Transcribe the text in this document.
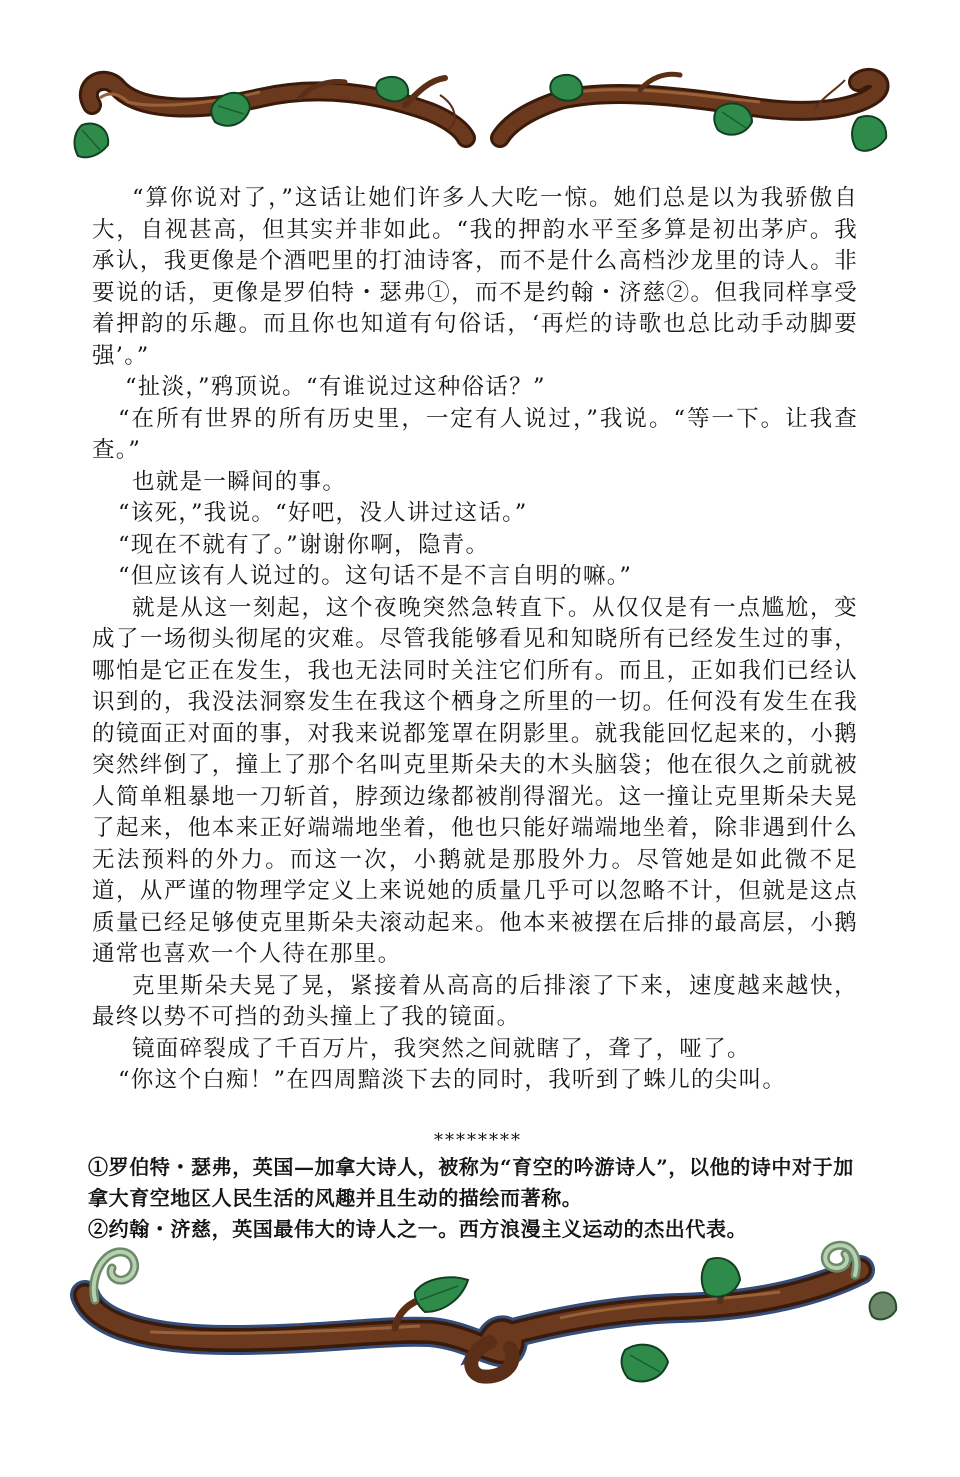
“算你说对了，”这话让她们许多人大吃一惊。她们总是以为我骄傲自大，自视甚高，但其实并非如此。“我的押韵水平至多算是初出茅庐。我承认，我更像是个酒吧里的打油诗客，而不是什么高档沙龙里的诗人。非要说的话，更像是罗伯特・瑟弗①，而不是约翰・济慈②。但我同样享受着押韵的乐趣。而且你也知道有句俗话，‘再烂的诗歌也总比动手动脚要强’。”

“扯淡，”鸦顶说。“有谁说过这种俗话？”

“在所有世界的所有历史里，一定有人说过，”我说。“等一下。让我查查。”

也就是一瞬间的事。

“该死，”我说。“好吧，没人讲过这话。”

“现在不就有了。”谢谢你啊，隐青。

“但应该有人说过的。这句话不是不言自明的嘛。”

就是从这一刻起，这个夜晚突然急转直下。从仅仅是有一点尴尬，变成了一场彻头彻尾的灾难。尽管我能够看见和知晓所有已经发生过的事，哪怕是它正在发生，我也无法同时关注它们所有。而且，正如我们已经认识到的，我没法洞察发生在我这个栖身之所里的一切。任何没有发生在我的镜面正对面的事，对我来说都笼罩在阴影里。就我能回忆起来的，小鹅突然绊倒了，撞上了那个名叫克里斯朵夫的木头脑袋；他在很久之前就被人简单粗暴地一刀斩首，脖颈边缘都被削得溜光。这一撞让克里斯朵夫晃了起来，他本来正好端端地坐着，他也只能好端端地坐着，除非遇到什么无法预料的外力。而这一次，小鹅就是那股外力。尽管她是如此微不足道，从严谨的物理学定义上来说她的质量几乎可以忽略不计，但就是这点质量已经足够使克里斯朵夫滚动起来。他本来被摆在后排的最高层，小鹅通常也喜欢一个人待在那里。

克里斯朵夫晃了晃，紧接着从高高的后排滚了下来，速度越来越快，最终以势不可挡的劲头撞上了我的镜面。

镜面碎裂成了千百万片，我突然之间就瞎了，聋了，哑了。

“你这个白痴！”在四周黯淡下去的同时，我听到了蛛儿的尖叫。

********

①罗伯特・瑟弗，英国—加拿大诗人，被称为“育空的吟游诗人”，以他的诗中对于加拿大育空地区人民生活的风趣并且生动的描绘而著称。

②约翰・济慈，英国最伟大的诗人之一。西方浪漫主义运动的杰出代表。
